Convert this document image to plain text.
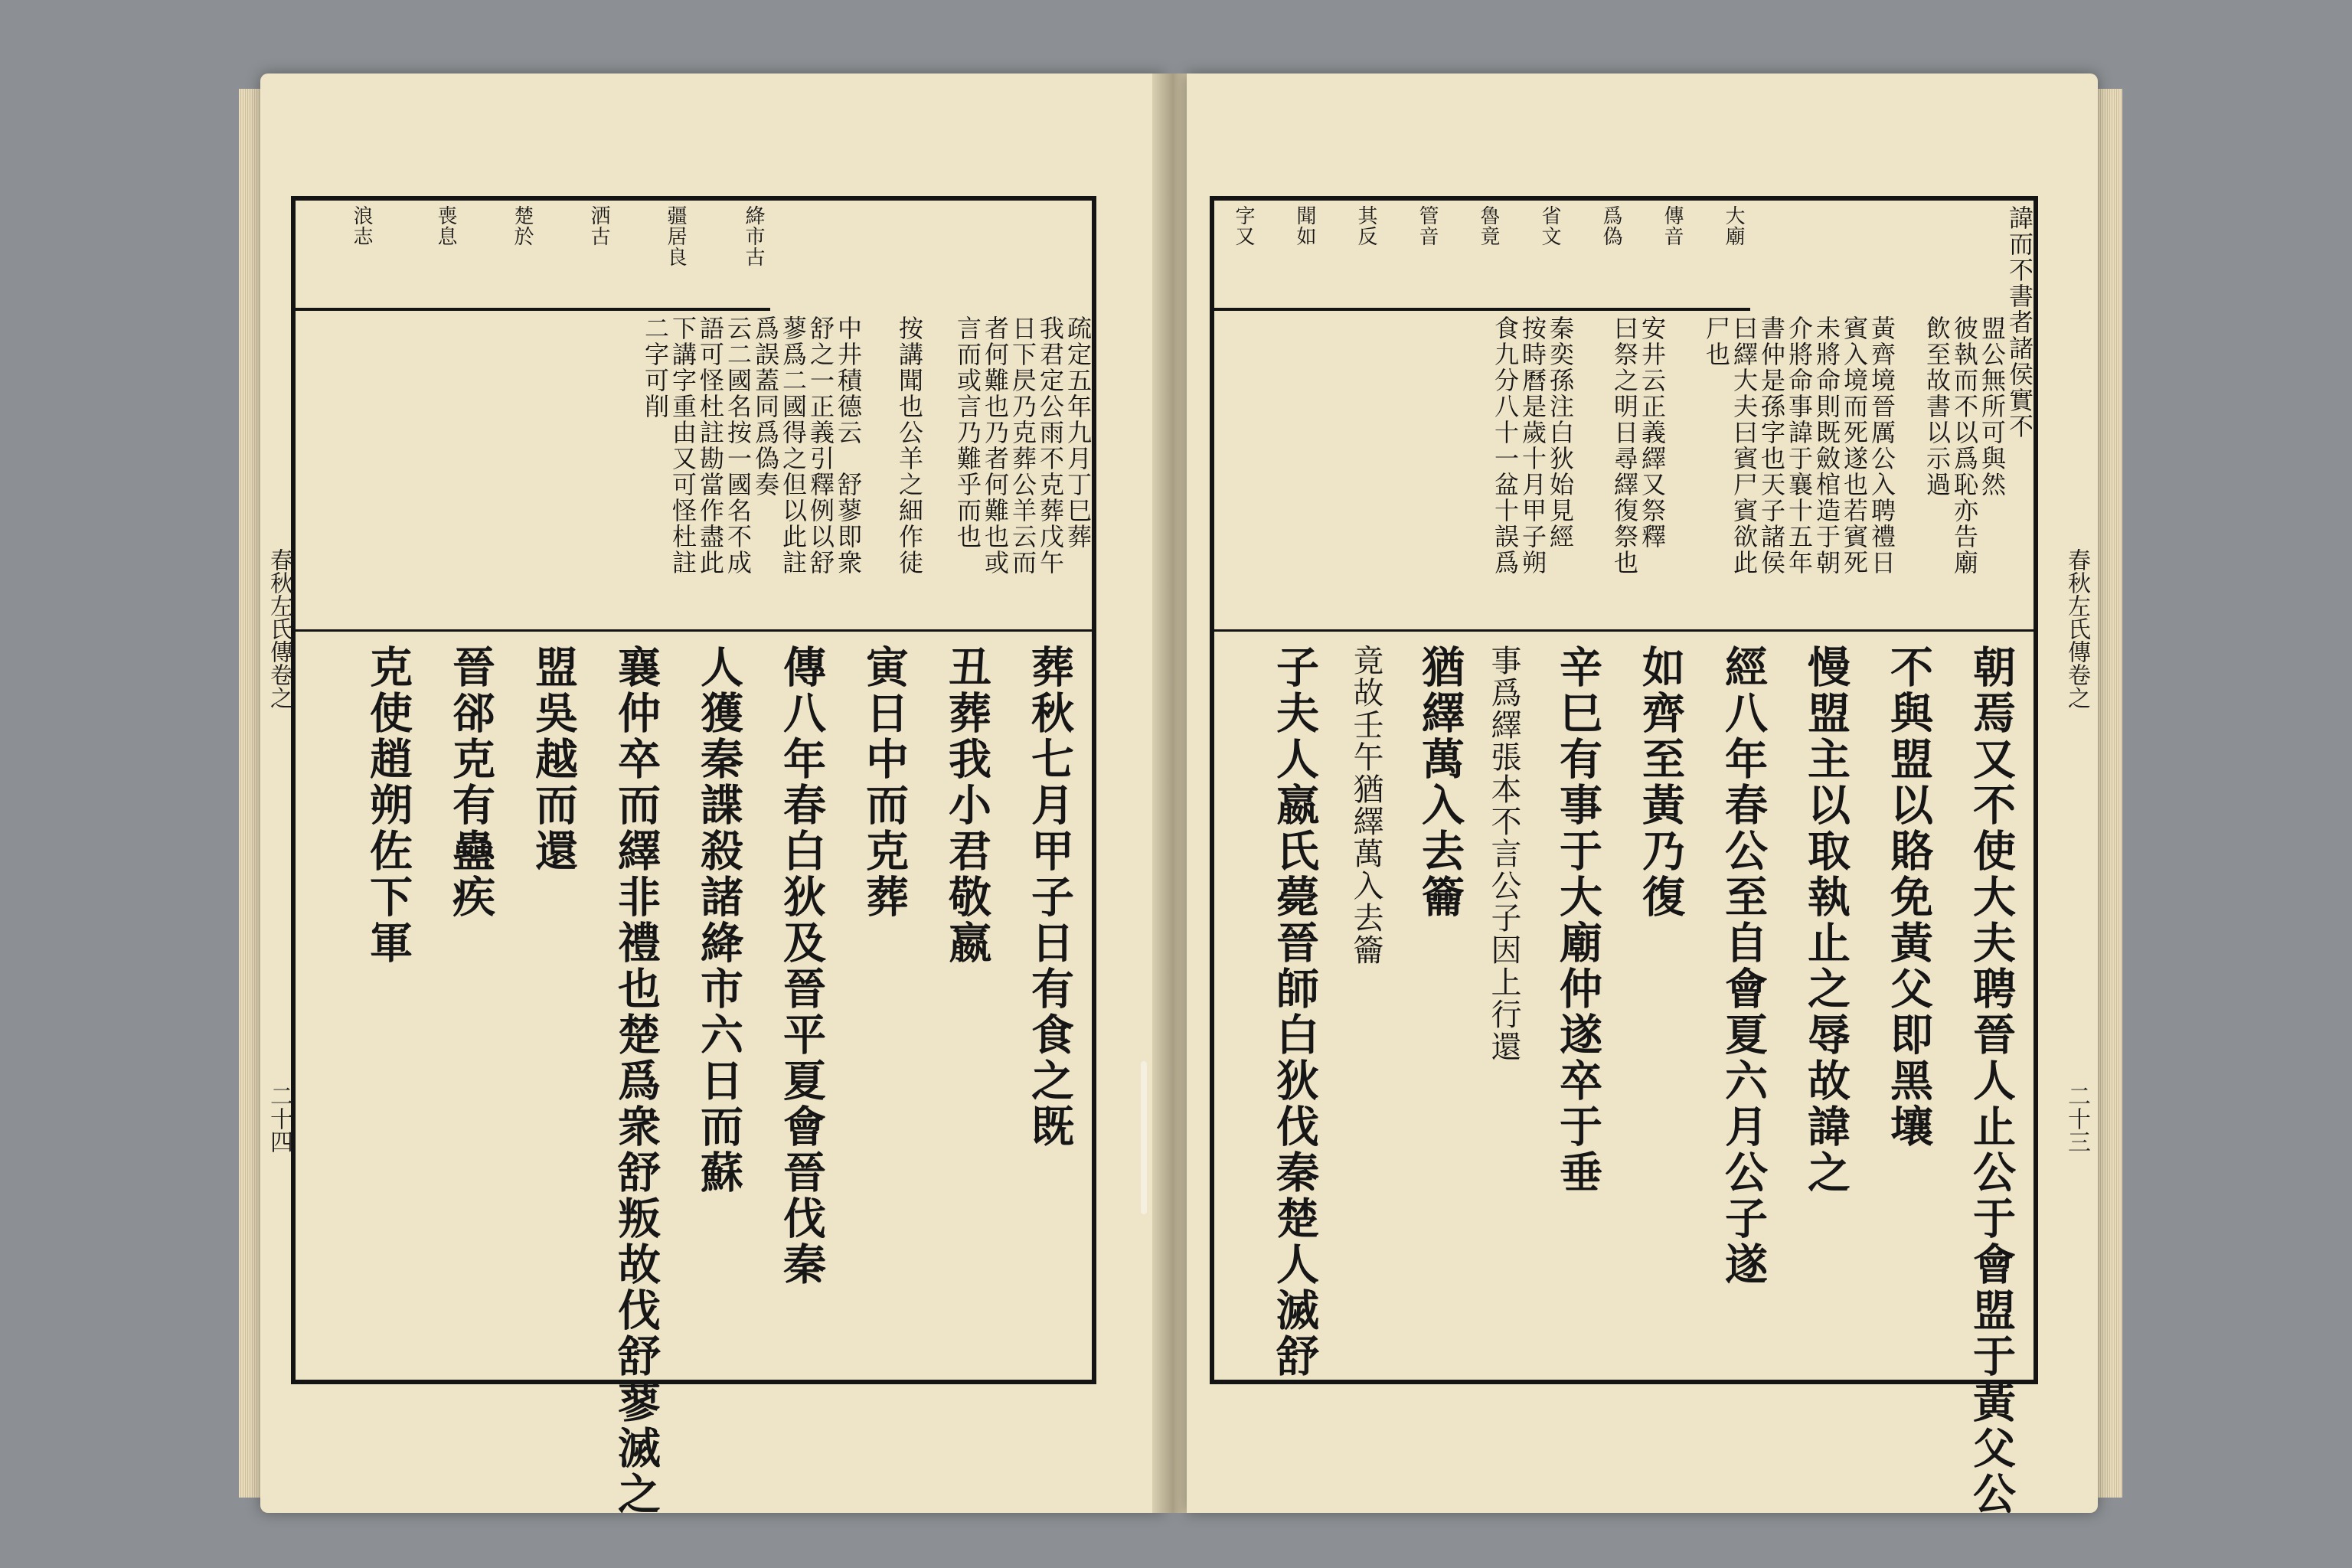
絳市古
疆居良
洒古
楚於
喪息
浪志
疏定五年九月丁巳葬
我君定公雨不克葬戊午
日下昃乃克葬公羊云而
者何難也乃者何難也或
言而或言乃難乎而也
按講聞也公羊之細作徒
中井積德云　舒蓼即衆
舒之一正義引釋例以舒
蓼爲二國得之但以此註
爲誤蓋同爲偽奏
云二國名按一國名不成
語可怪杜註勘當作盡此
下講字重由又可怪杜註
二字可削
葬秋七月甲子日有食之既
丑葬我小君敬嬴
寅日中而克葬
傳八年春白狄及晉平夏會晉伐秦
人獲秦諜殺諸絳市六日而蘇
襄仲卒而繹非禮也楚爲衆舒叛故伐舒蓼滅之
盟吳越而還
晉郤克有蠱疾
克使趙朔佐下軍
春秋左氏傳卷之
二十四
大廟
傳音
爲偽
省文
魯竟
管音
其反
聞如
字又	諱而不書者諸侯實不
盟公無所可與然
彼執而不以爲恥亦告廟
飲至故書以示過
黃齊境晉厲公入聘禮日
賓入境而死遂也若賓死
未將命則既斂棺造于朝
介將命事諱于襄十五年
書仲是孫字也天子諸侯
曰繹大夫曰賓尸賓欲此
尸也
安井云正義繹又祭釋
曰祭之明日尋繹復祭也
秦奕孫注白狄始見經
按時曆是歲十月甲子朔
食九分八十一盆十誤爲
朝焉又不使大夫聘晉人止公于會盟于黃父公
不與盟以賂免黃父即黑壤
慢盟主以取執止之辱故諱之
經八年春公至自會夏六月公子遂
如齊至黃乃復
辛巳有事于大廟仲遂卒于垂
事爲繹張本不言公子因上行還
猶繹萬入去籥
竟故壬午猶繹萬入去籥
子夫人嬴氏薨晉師白狄伐秦楚人滅舒
春秋左氏傳卷之
二十三
